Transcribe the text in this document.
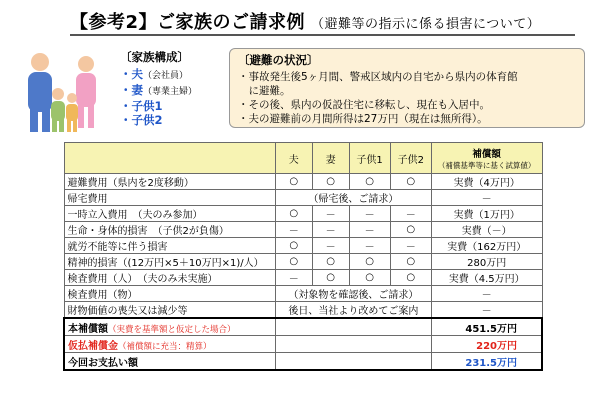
【参考2】ご家族のご請求例 （避難等の指示に係る損害について）
〔家族構成〕
・夫（会社員）
・妻（専業主婦）
・子供1
・子供2
〔避難の状況〕
・事故発生後5ヶ月間、警戒区域内の自宅から県内の体育館
　に避難。
・その後、県内の仮設住宅に移転し、現在も入居中。
・夫の避難前の月間所得は27万円（現在は無所得）。
	夫	妻	子供1	子供2	補償額
（補償基準等に基く試算値）

避難費用（県内を2度移動）	○	○	○	○	実費（4万円）
帰宅費用	（帰宅後、ご請求）				－
一時立入費用　（夫のみ参加）	○	－	－	－	実費（1万円）
生命・身体的損害　（子供2が負傷）	－	－	－	○	実費（－）
就労不能等に伴う損害	○	－	－	－	実費（162万円）
精神的損害（(12万円×5＋10万円×1)/人）	○	○	○	○	280万円
検査費用（人）　（夫のみ未実施）	－	○	○	○	実費（4.5万円）
検査費用（物）	（対象物を確認後、ご請求）				－
財物価値の喪失又は減少等	後日、当社より改めてご案内				－
本補償額（実費を基準額と仮定した場合）					451.5万円
仮払補償金（補償額に充当：精算）					220万円
今回お支払い額					231.5万円
